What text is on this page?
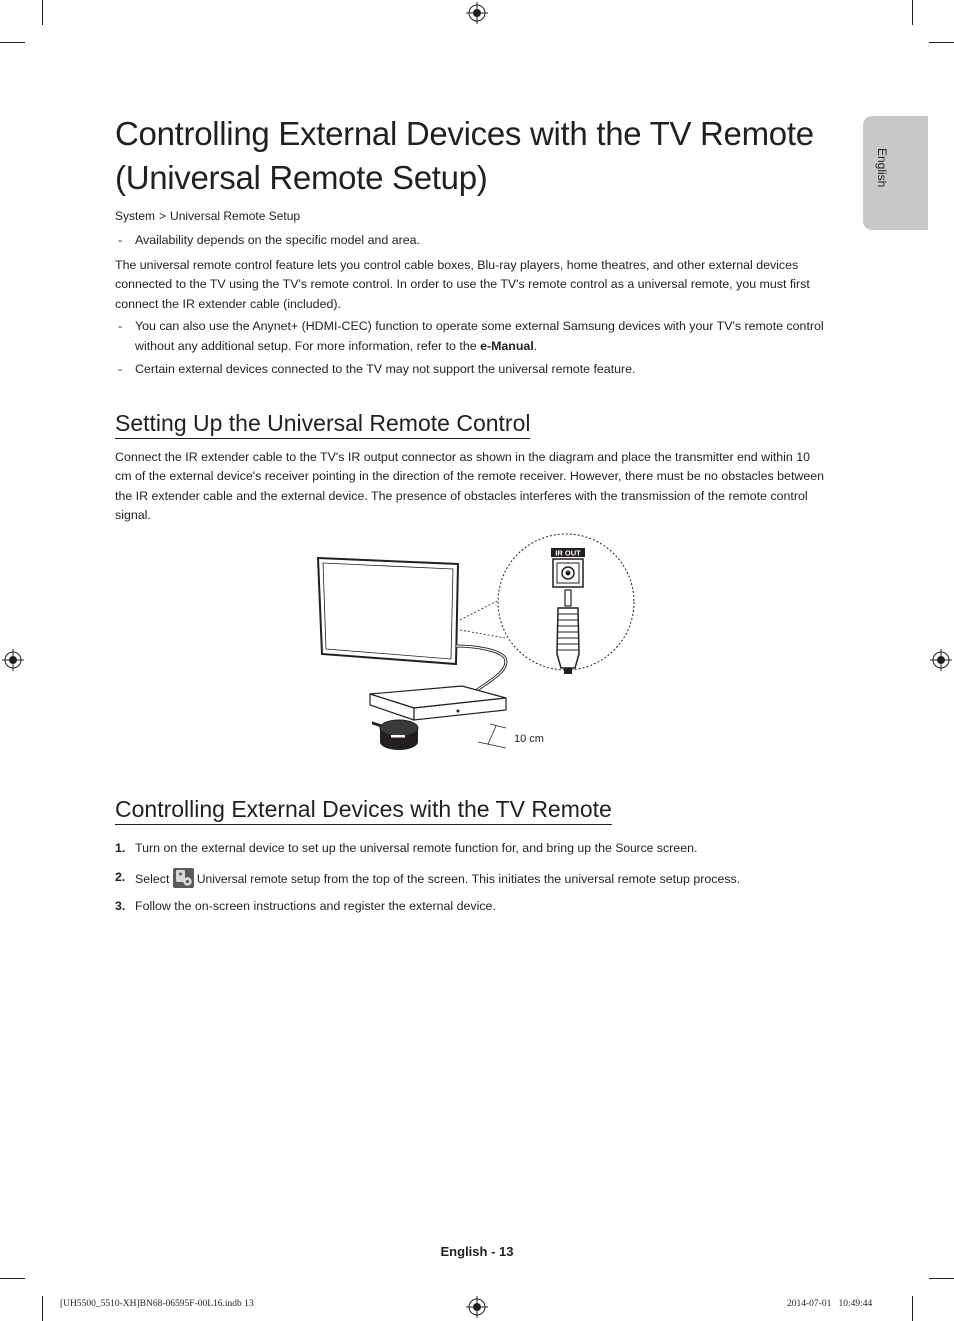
English
Controlling External Devices with the TV Remote
(Universal Remote Setup)
System > Universal Remote Setup
- Availability depends on the specific model and area.

The universal remote control feature lets you control cable boxes, Blu-ray players, home theatres, and other external devices connected to the TV using the TV's remote control. In order to use the TV's remote control as a universal remote, you must first connect the IR extender cable (included).

- You can also use the Anynet+ (HDMI-CEC) function to operate some external Samsung devices with your TV's remote control without any additional setup. For more information, refer to the e-Manual.
- Certain external devices connected to the TV may not support the universal remote feature.
Setting Up the Universal Remote Control

Connect the IR extender cable to the TV's IR output connector as shown in the diagram and place the transmitter end within 10 cm of the external device's receiver pointing in the direction of the remote receiver. However, there must be no obstacles between the IR extender cable and the external device. The presence of obstacles interferes with the transmission of the remote control signal.

IR OUT
10 cm
Controlling External Devices with the TV Remote
1. Turn on the external device to set up the universal remote function for, and bring up the Source screen.
2. Select Universal remote setup from the top of the screen. This initiates the universal remote setup process.
3. Follow the on-screen instructions and register the external device.
English - 13
[UH5500_5510-XH]BN68-06595F-00L16.indb 13	2014-07-01   10:49:44
